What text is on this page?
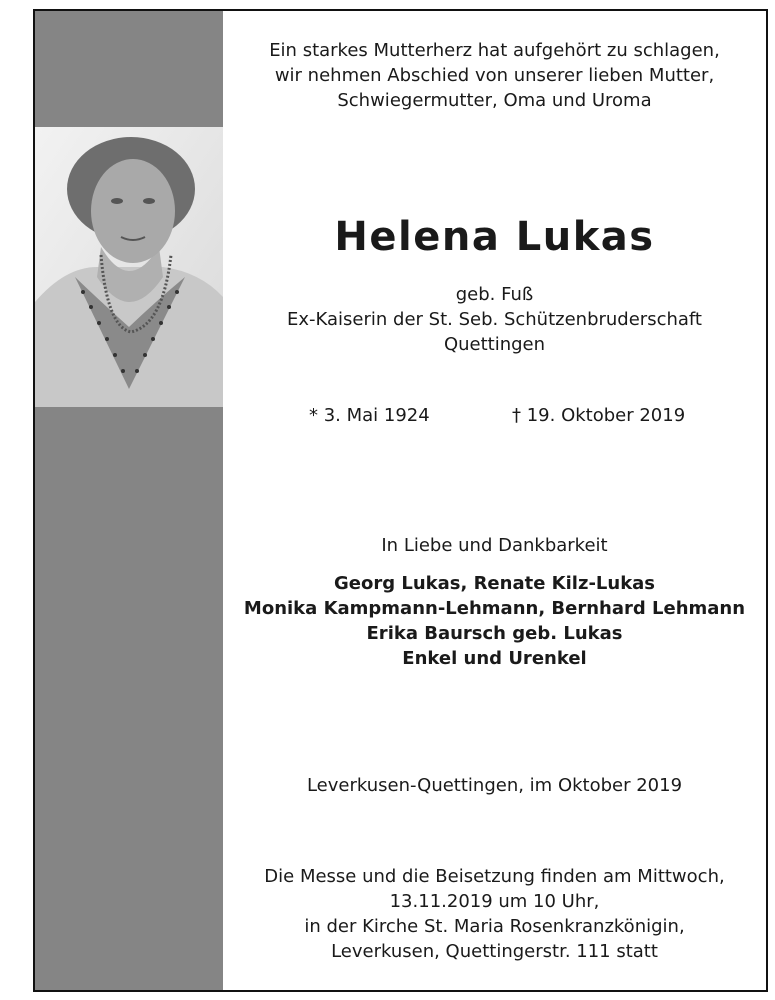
Ein starkes Mutterherz hat aufgehört zu schlagen,
wir nehmen Abschied von unserer lieben Mutter,
Schwiegermutter, Oma und Uroma
Helena Lukas
geb. Fuß
Ex-Kaiserin der St. Seb. Schützenbruderschaft
Quettingen
* 3. Mai 1924	† 19. Oktober 2019
In Liebe und Dankbarkeit
Georg Lukas, Renate Kilz-Lukas
Monika Kampmann-Lehmann, Bernhard Lehmann
Erika Baursch geb. Lukas
Enkel und Urenkel
Leverkusen-Quettingen, im Oktober 2019
Die Messe und die Beisetzung finden am Mittwoch,
13.11.2019 um 10 Uhr,
in der Kirche St. Maria Rosenkranzkönigin,
Leverkusen, Quettingerstr. 111 statt
